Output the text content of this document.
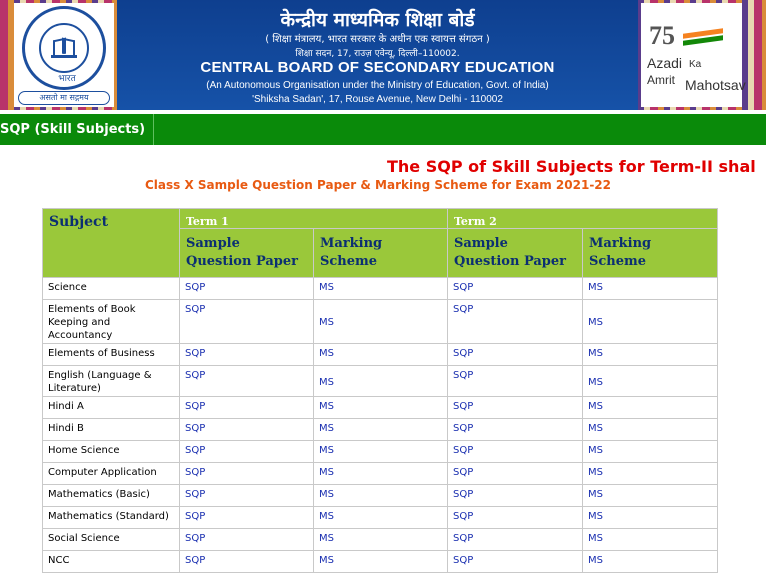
भारत
असतो मा सद्गमय
केन्द्रीय माध्यमिक शिक्षा बोर्ड
( शिक्षा मंत्रालय, भारत सरकार के अधीन एक स्वायत्त संगठन )
शिक्षा सदन, 17, राउज़ एवेन्यू, दिल्ली–110002.
CENTRAL BOARD OF SECONDARY EDUCATION
(An Autonomous Organisation under the Ministry of Education, Govt. of India)
'Shiksha Sadan', 17, Rouse Avenue, New Delhi - 110002
75
Azadi Ka
Amrit Mahotsav
SQP (Skill Subjects)
The SQP of Skill Subjects for Term-II shal
Class X Sample Question Paper & Marking Scheme for Exam 2021-22
Subject	Term 1		Term 2	
	Sample Question Paper	Marking Scheme	Sample Question Paper	Marking Scheme
Science	SQP	MS	SQP	MS
Elements of Book Keeping and Accountancy	SQP	MS	SQP	MS
Elements of Business	SQP	MS	SQP	MS
English (Language & Literature)	SQP	MS	SQP	MS
Hindi A	SQP	MS	SQP	MS
Hindi B	SQP	MS	SQP	MS
Home Science	SQP	MS	SQP	MS
Computer Application	SQP	MS	SQP	MS
Mathematics (Basic)	SQP	MS	SQP	MS
Mathematics (Standard)	SQP	MS	SQP	MS
Social Science	SQP	MS	SQP	MS
NCC	SQP	MS	SQP	MS
